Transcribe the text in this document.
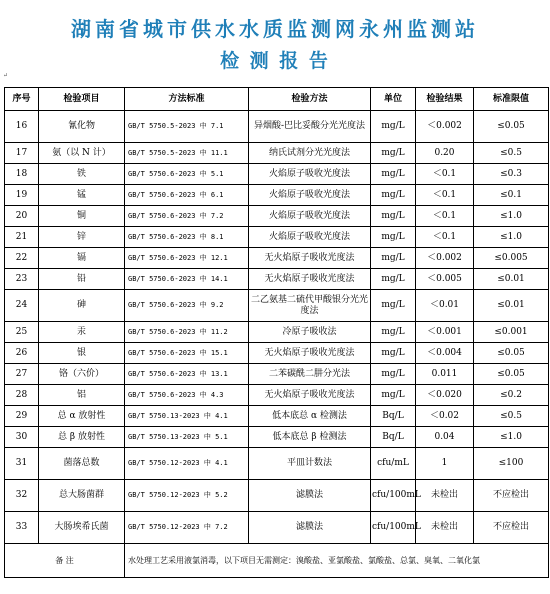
湖南省城市供水水质监测网永州监测站
检 测 报 告
↵
序号	检验项目	方法标准	检验方法	单位	检验结果	标准限值
16	氰化物	GB/T 5750.5-2023 中 7.1	异烟酸-巴比妥酸分光光度法	mg/L	＜0.002	≤0.05
17	氨（以 N 计）	GB/T 5750.5-2023 中 11.1	纳氏试剂分光光度法	mg/L	0.20	≤0.5
18	铁	GB/T 5750.6-2023 中 5.1	火焰原子吸收光度法	mg/L	＜0.1	≤0.3
19	锰	GB/T 5750.6-2023 中 6.1	火焰原子吸收光度法	mg/L	＜0.1	≤0.1
20	铜	GB/T 5750.6-2023 中 7.2	火焰原子吸收光度法	mg/L	＜0.1	≤1.0
21	锌	GB/T 5750.6-2023 中 8.1	火焰原子吸收光度法	mg/L	＜0.1	≤1.0
22	镉	GB/T 5750.6-2023 中 12.1	无火焰原子吸收光度法	mg/L	＜0.002	≤0.005
23	铅	GB/T 5750.6-2023 中 14.1	无火焰原子吸收光度法	mg/L	＜0.005	≤0.01
24	砷	GB/T 5750.6-2023 中 9.2	二乙氨基二硫代甲酸银分光光度法	mg/L	＜0.01	≤0.01
25	汞	GB/T 5750.6-2023 中 11.2	冷原子吸收法	mg/L	＜0.001	≤0.001
26	银	GB/T 5750.6-2023 中 15.1	无火焰原子吸收光度法	mg/L	＜0.004	≤0.05
27	铬（六价）	GB/T 5750.6-2023 中 13.1	二苯碳酰二肼分光法	mg/L	0.011	≤0.05
28	铝	GB/T 5750.6-2023 中 4.3	无火焰原子吸收光度法	mg/L	＜0.020	≤0.2
29	总 α 放射性	GB/T 5750.13-2023 中 4.1	低本底总 α 检测法	Bq/L	＜0.02	≤0.5
30	总 β 放射性	GB/T 5750.13-2023 中 5.1	低本底总 β 检测法	Bq/L	0.04	≤1.0
31	菌落总数	GB/T 5750.12-2023 中 4.1	平皿计数法	cfu/mL	1	≤100
32	总大肠菌群	GB/T 5750.12-2023 中 5.2	滤膜法	cfu/100mL	未检出	不应检出
33	大肠埃希氏菌	GB/T 5750.12-2023 中 7.2	滤膜法	cfu/100mL	未检出	不应检出
备 注		水处理工艺采用液氯消毒，以下项目无需测定：溴酸盐、亚氯酸盐、氯酸盐、总氯、臭氧、二氧化氯				
